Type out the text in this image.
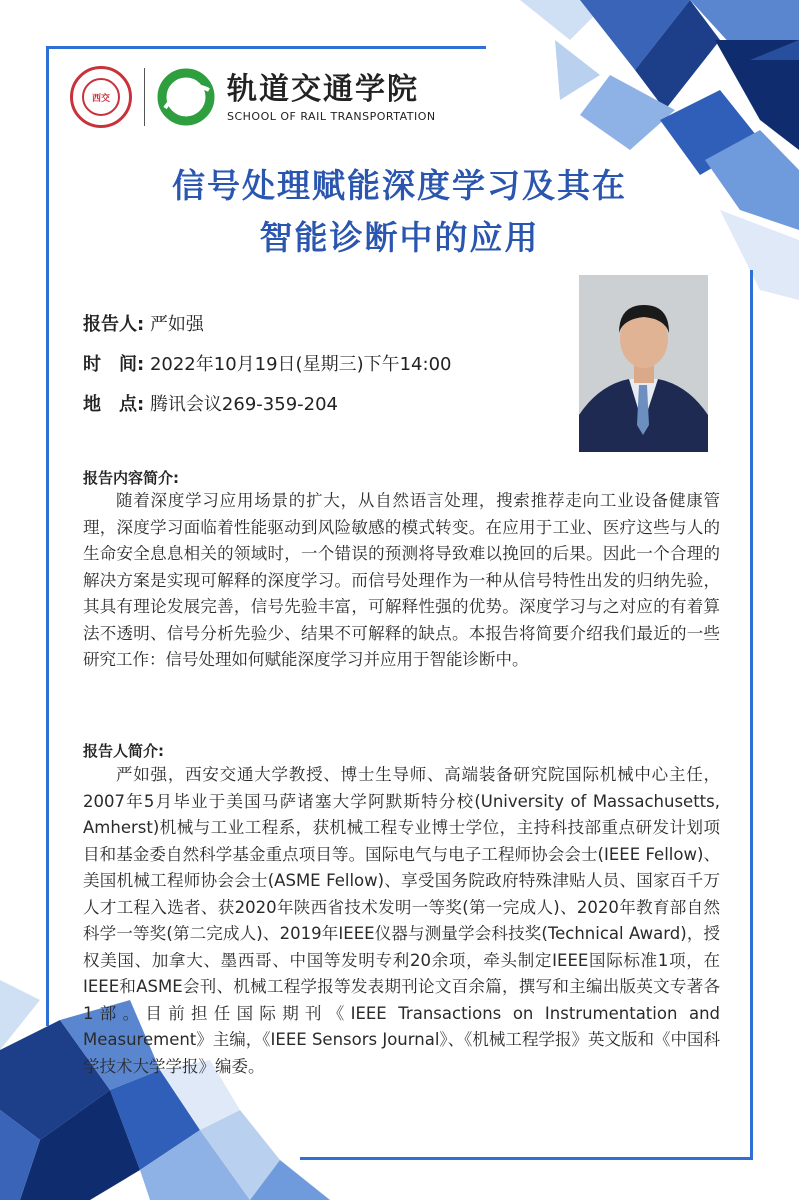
西交	轨道交通学院
SCHOOL OF RAIL TRANSPORTATION
信号处理赋能深度学习及其在
智能诊断中的应用
报告人: 严如强
时　间: 2022年10月19日(星期三)下午14:00
地　点: 腾讯会议269-359-204
报告内容简介:
随着深度学习应用场景的扩大，从自然语言处理，搜索推荐走向工业设备健康管理，深度学习面临着性能驱动到风险敏感的模式转变。在应用于工业、医疗这些与人的生命安全息息相关的领域时，一个错误的预测将导致难以挽回的后果。因此一个合理的解决方案是实现可解释的深度学习。而信号处理作为一种从信号特性出发的归纳先验，其具有理论发展完善，信号先验丰富，可解释性强的优势。深度学习与之对应的有着算法不透明、信号分析先验少、结果不可解释的缺点。本报告将简要介绍我们最近的一些研究工作：信号处理如何赋能深度学习并应用于智能诊断中。
报告人简介:
严如强，西安交通大学教授、博士生导师、高端装备研究院国际机械中心主任，2007年5月毕业于美国马萨诸塞大学阿默斯特分校(University of Massachusetts, Amherst)机械与工业工程系，获机械工程专业博士学位，主持科技部重点研发计划项目和基金委自然科学基金重点项目等。国际电气与电子工程师协会会士(IEEE Fellow)、美国机械工程师协会会士(ASME Fellow)、享受国务院政府特殊津贴人员、国家百千万人才工程入选者、获2020年陕西省技术发明一等奖(第一完成人)、2020年教育部自然科学一等奖(第二完成人)、2019年IEEE仪器与测量学会科技奖(Technical Award)，授权美国、加拿大、墨西哥、中国等发明专利20余项，牵头制定IEEE国际标准1项，在IEEE和ASME会刊、机械工程学报等发表期刊论文百余篇，撰写和主编出版英文专著各1部。目前担任国际期刊《IEEE Transactions on Instrumentation and Measurement》主编，《IEEE Sensors Journal》、《机械工程学报》英文版和《中国科学技术大学学报》编委。
